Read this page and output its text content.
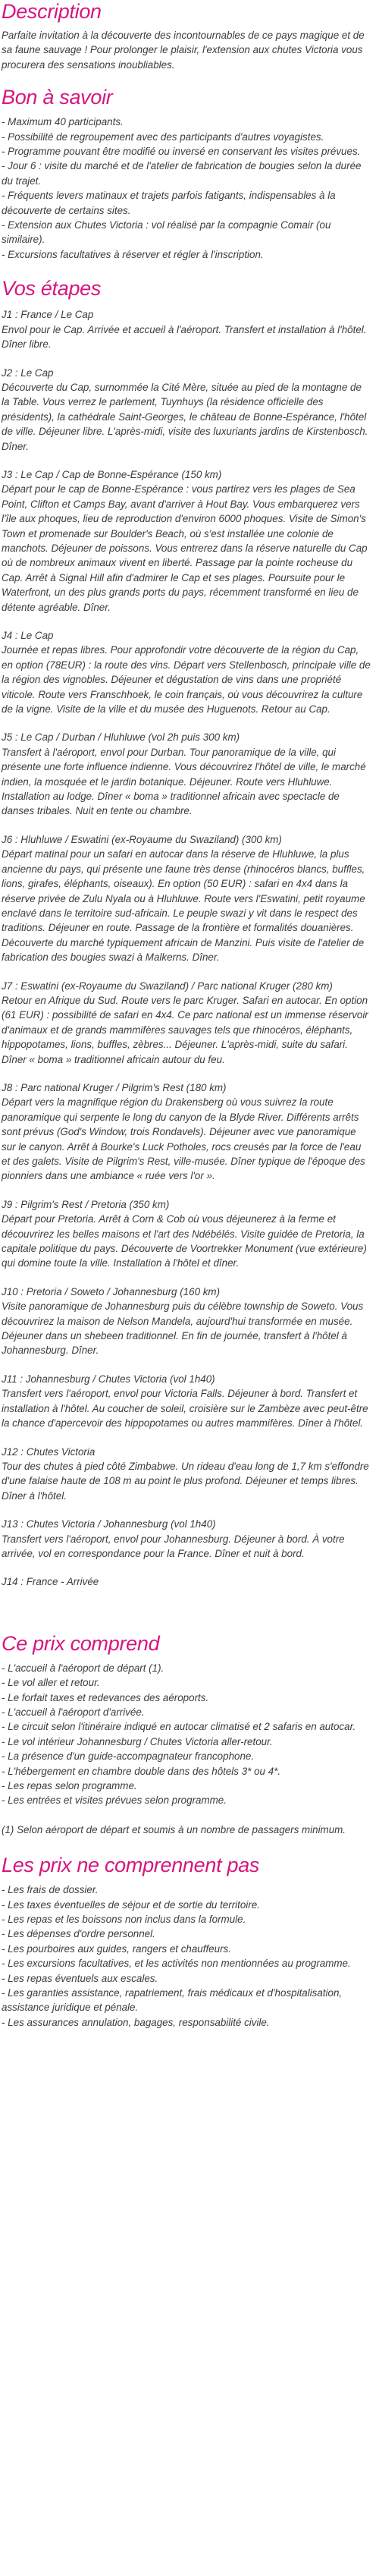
Description

Parfaite invitation à la découverte des incontournables de ce pays magique et de sa faune sauvage ! Pour prolonger le plaisir, l'extension aux chutes Victoria vous procurera des sensations inoubliables.

Bon à savoir
- Maximum 40 participants.
- Possibilité de regroupement avec des participants d'autres voyagistes.
- Programme pouvant être modifié ou inversé en conservant les visites prévues.
- Jour 6 : visite du marché et de l'atelier de fabrication de bougies selon la durée du trajet.
- Fréquents levers matinaux et trajets parfois fatigants, indispensables à la découverte de certains sites.
- Extension aux Chutes Victoria : vol réalisé par la compagnie Comair (ou similaire).
- Excursions facultatives à réserver et régler à l'inscription.
Vos étapes
J1 : France / Le Cap
Envol pour le Cap. Arrivée et accueil à l'aéroport. Transfert et installation à l'hôtel. Dîner libre.
J2 : Le Cap
Découverte du Cap, surnommée la Cité Mère, située au pied de la montagne de la Table. Vous verrez le parlement, Tuynhuys (la résidence officielle des présidents), la cathédrale Saint-Georges, le château de Bonne-Espérance, l'hôtel de ville. Déjeuner libre. L'après-midi, visite des luxuriants jardins de Kirstenbosch. Dîner.
J3 : Le Cap / Cap de Bonne-Espérance (150 km)
Départ pour le cap de Bonne-Espérance : vous partirez vers les plages de Sea Point, Clifton et Camps Bay, avant d'arriver à Hout Bay. Vous embarquerez vers l'île aux phoques, lieu de reproduction d'environ 6000 phoques. Visite de Simon's Town et promenade sur Boulder's Beach, où s'est installée une colonie de manchots. Déjeuner de poissons. Vous entrerez dans la réserve naturelle du Cap où de nombreux animaux vivent en liberté. Passage par la pointe rocheuse du Cap. Arrêt à Signal Hill afin d'admirer le Cap et ses plages. Poursuite pour le Waterfront, un des plus grands ports du pays, récemment transformé en lieu de détente agréable. Dîner.
J4 : Le Cap
Journée et repas libres. Pour approfondir votre découverte de la région du Cap, en option (78EUR) : la route des vins. Départ vers Stellenbosch, principale ville de la région des vignobles. Déjeuner et dégustation de vins dans une propriété viticole. Route vers Franschhoek, le coin français, où vous découvrirez la culture de la vigne. Visite de la ville et du musée des Huguenots. Retour au Cap.
J5 : Le Cap / Durban / Hluhluwe (vol 2h puis 300 km)
Transfert à l'aéroport, envol pour Durban. Tour panoramique de la ville, qui présente une forte influence indienne. Vous découvrirez l'hôtel de ville, le marché indien, la mosquée et le jardin botanique. Déjeuner. Route vers Hluhluwe. Installation au lodge. Dîner « boma » traditionnel africain avec spectacle de danses tribales. Nuit en tente ou chambre.
J6 : Hluhluwe / Eswatini (ex-Royaume du Swaziland) (300 km)
Départ matinal pour un safari en autocar dans la réserve de Hluhluwe, la plus ancienne du pays, qui présente une faune très dense (rhinocéros blancs, buffles, lions, girafes, éléphants, oiseaux). En option (50 EUR) : safari en 4x4 dans la réserve privée de Zulu Nyala ou à Hluhluwe. Route vers l'Eswatini, petit royaume enclavé dans le territoire sud-africain. Le peuple swazi y vit dans le respect des traditions. Déjeuner en route. Passage de la frontière et formalités douanières. Découverte du marché typiquement africain de Manzini. Puis visite de l'atelier de fabrication des bougies swazi à Malkerns. Dîner.
J7 : Eswatini (ex-Royaume du Swaziland) / Parc national Kruger (280 km)
Retour en Afrique du Sud. Route vers le parc Kruger. Safari en autocar. En option (61 EUR) : possibilité de safari en 4x4. Ce parc national est un immense réservoir d'animaux et de grands mammifères sauvages tels que rhinocéros, éléphants, hippopotames, lions, buffles, zèbres... Déjeuner. L'après-midi, suite du safari. Dîner « boma » traditionnel africain autour du feu.
J8 : Parc national Kruger / Pilgrim's Rest (180 km)
Départ vers la magnifique région du Drakensberg où vous suivrez la route panoramique qui serpente le long du canyon de la Blyde River. Différents arrêts sont prévus (God's Window, trois Rondavels). Déjeuner avec vue panoramique sur le canyon. Arrêt à Bourke's Luck Potholes, rocs creusés par la force de l'eau et des galets. Visite de Pilgrim's Rest, ville-musée. Dîner typique de l'époque des pionniers dans une ambiance « ruée vers l'or ».
J9 : Pilgrim's Rest / Pretoria (350 km)
Départ pour Pretoria. Arrêt à Corn & Cob où vous déjeunerez à la ferme et découvrirez les belles maisons et l'art des Ndébélés. Visite guidée de Pretoria, la capitale politique du pays. Découverte de Voortrekker Monument (vue extérieure) qui domine toute la ville. Installation à l'hôtel et dîner.
J10 : Pretoria / Soweto / Johannesburg (160 km)
Visite panoramique de Johannesburg puis du célèbre township de Soweto. Vous découvrirez la maison de Nelson Mandela, aujourd'hui transformée en musée. Déjeuner dans un shebeen traditionnel. En fin de journée, transfert à l'hôtel à Johannesburg. Dîner.
J11 : Johannesburg / Chutes Victoria (vol 1h40)
Transfert vers l'aéroport, envol pour Victoria Falls. Déjeuner à bord. Transfert et installation à l'hôtel. Au coucher de soleil, croisière sur le Zambèze avec peut-être la chance d'apercevoir des hippopotames ou autres mammifères. Dîner à l'hôtel.
J12 : Chutes Victoria
Tour des chutes à pied côté Zimbabwe. Un rideau d'eau long de 1,7 km s'effondre d'une falaise haute de 108 m au point le plus profond. Déjeuner et temps libres. Dîner à l'hôtel.
J13 : Chutes Victoria / Johannesburg (vol 1h40)
Transfert vers l'aéroport, envol pour Johannesburg. Déjeuner à bord. À votre arrivée, vol en correspondance pour la France. Dîner et nuit à bord.
J14 : France - Arrivée
Ce prix comprend
- L'accueil à l'aéroport de départ (1).
- Le vol aller et retour.
- Le forfait taxes et redevances des aéroports.
- L'accueil à l'aéroport d'arrivée.
- Le circuit selon l'itinéraire indiqué en autocar climatisé et 2 safaris en autocar.
- Le vol intérieur Johannesburg / Chutes Victoria aller-retour.
- La présence d'un guide-accompagnateur francophone.
- L'hébergement en chambre double dans des hôtels 3* ou 4*.
- Les repas selon programme.
- Les entrées et visites prévues selon programme.

(1) Selon aéroport de départ et soumis à un nombre de passagers minimum.

Les prix ne comprennent pas
- Les frais de dossier.
- Les taxes éventuelles de séjour et de sortie du territoire.
- Les repas et les boissons non inclus dans la formule.
- Les dépenses d'ordre personnel.
- Les pourboires aux guides, rangers et chauffeurs.
- Les excursions facultatives, et les activités non mentionnées au programme.
- Les repas éventuels aux escales.
- Les garanties assistance, rapatriement, frais médicaux et d'hospitalisation, assistance juridique et pénale.
- Les assurances annulation, bagages, responsabilité civile.
